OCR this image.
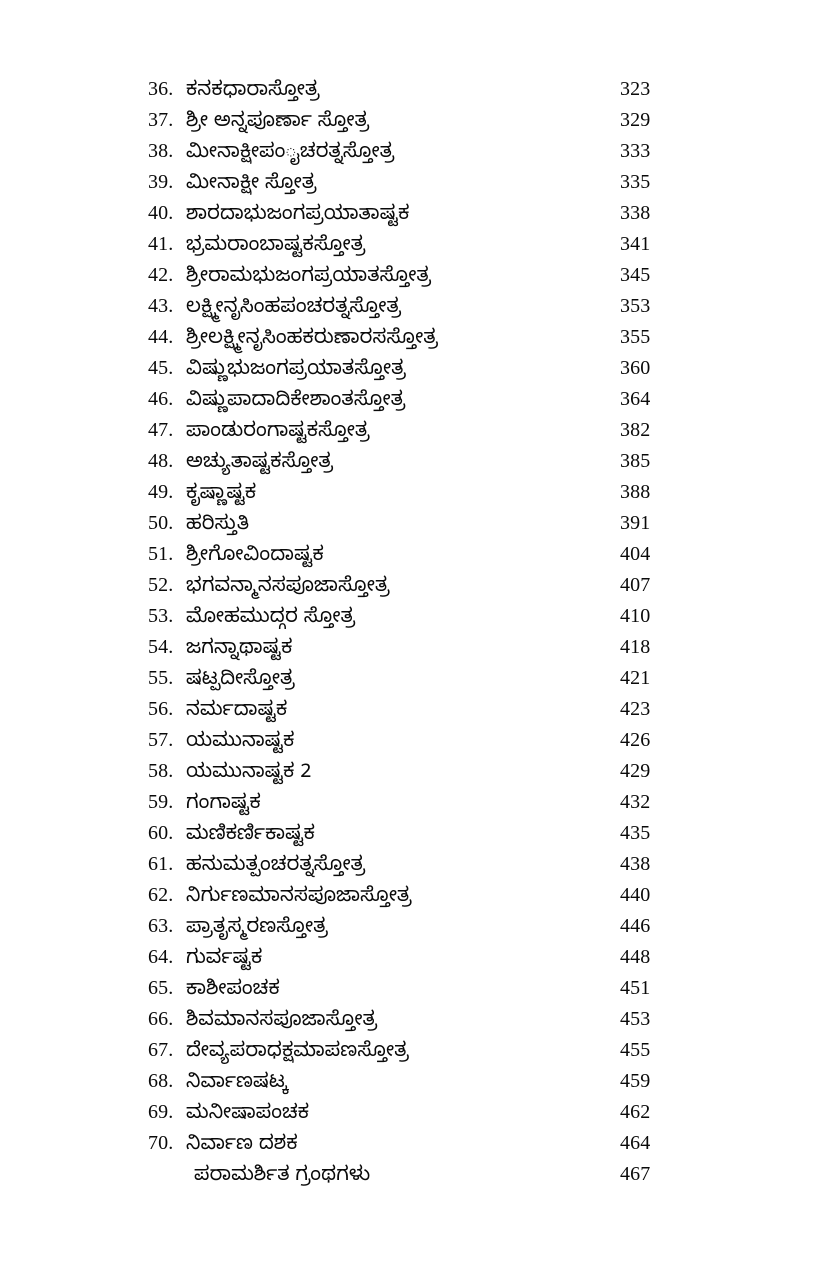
36. ಕನಕಧಾರಾಸ್ತೋತ್ರ	323
37. ಶ್ರೀ ಅನ್ನಪೂರ್ಣಾ ಸ್ತೋತ್ರ	329
38. ಮೀನಾಕ್ಷೀಪಂೖಚರತ್ನಸ್ತೋತ್ರ	333
39. ಮೀನಾಕ್ಷೀ ಸ್ತೋತ್ರ	335
40. ಶಾರದಾಭುಜಂಗಪ್ರಯಾತಾಷ್ಟಕ	338
41. ಭ್ರಮರಾಂಬಾಷ್ಟಕಸ್ತೋತ್ರ	341
42. ಶ್ರೀರಾಮಭುಜಂಗಪ್ರಯಾತಸ್ತೋತ್ರ	345
43. ಲಕ್ಷ್ಮೀನೃಸಿಂಹಪಂಚರತ್ನಸ್ತೋತ್ರ	353
44. ಶ್ರೀಲಕ್ಷ್ಮೀನೃಸಿಂಹಕರುಣಾರಸಸ್ತೋತ್ರ	355
45. ವಿಷ್ಣುಭುಜಂಗಪ್ರಯಾತಸ್ತೋತ್ರ	360
46. ವಿಷ್ಣುಪಾದಾದಿಕೇಶಾಂತಸ್ತೋತ್ರ	364
47. ಪಾಂಡುರಂಗಾಷ್ಟಕಸ್ತೋತ್ರ	382
48. ಅಚ್ಯುತಾಷ್ಟಕಸ್ತೋತ್ರ	385
49. ಕೃಷ್ಣಾಷ್ಟಕ	388
50. ಹರಿಸ್ತುತಿ	391
51. ಶ್ರೀಗೋವಿಂದಾಷ್ಟಕ	404
52. ಭಗವನ್ಮಾನಸಪೂಜಾಸ್ತೋತ್ರ	407
53. ಮೋಹಮುದ್ಗರ ಸ್ತೋತ್ರ	410
54. ಜಗನ್ನಾಥಾಷ್ಟಕ	418
55. ಷಟ್ಪದೀಸ್ತೋತ್ರ	421
56. ನರ್ಮದಾಷ್ಟಕ	423
57. ಯಮುನಾಷ್ಟಕ	426
58. ಯಮುನಾಷ್ಟಕ 2	429
59. ಗಂಗಾಷ್ಟಕ	432
60. ಮಣಿಕರ್ಣಿಕಾಷ್ಟಕ	435
61. ಹನುಮತ್ಪಂಚರತ್ನಸ್ತೋತ್ರ	438
62. ನಿರ್ಗುಣಮಾನಸಪೂಜಾಸ್ತೋತ್ರ	440
63. ಪ್ರಾತೃಸ್ಮರಣಸ್ತೋತ್ರ	446
64. ಗುರ್ವಷ್ಟಕ	448
65. ಕಾಶೀಪಂಚಕ	451
66. ಶಿವಮಾನಸಪೂಜಾಸ್ತೋತ್ರ	453
67. ದೇವ್ಯಪರಾಧಕ್ಷಮಾಪಣಸ್ತೋತ್ರ	455
68. ನಿರ್ವಾಣಷಟ್ಕ	459
69. ಮನೀಷಾಪಂಚಕ	462
70. ನಿರ್ವಾಣ ದಶಕ	464
ಪರಾಮರ್ಶಿತ ಗ್ರಂಥಗಳು	467
